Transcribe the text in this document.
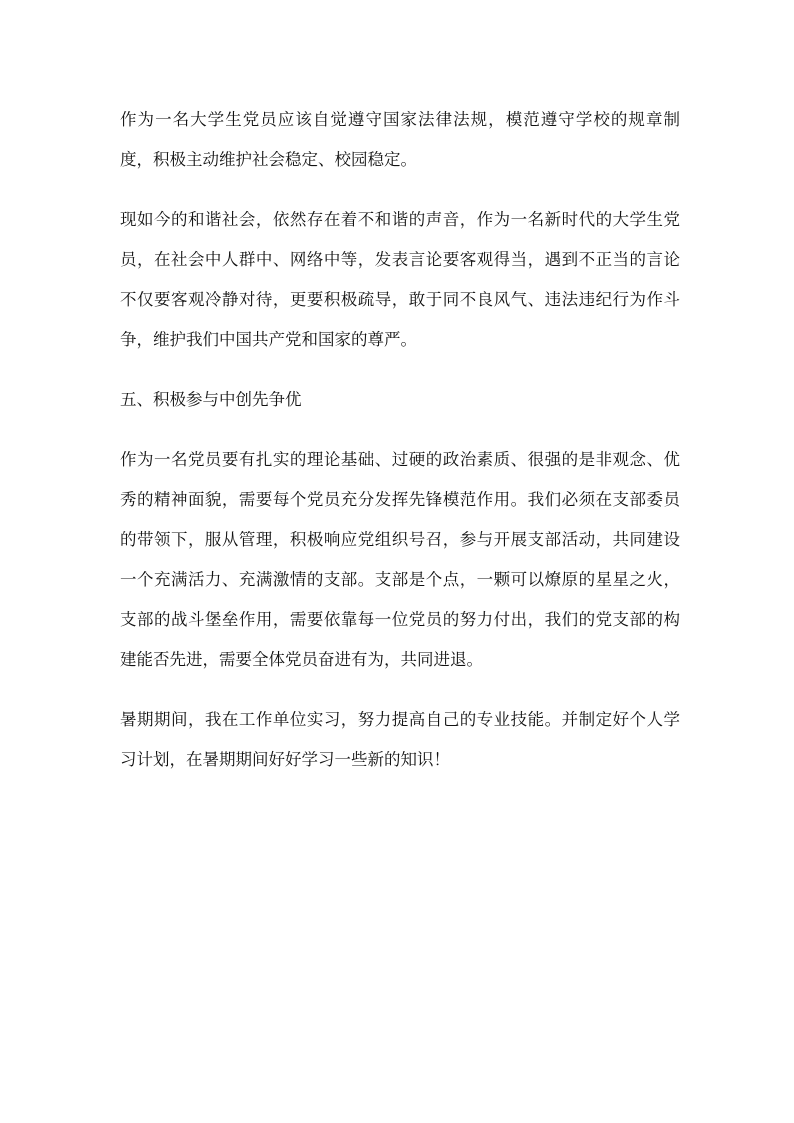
作为一名大学生党员应该自觉遵守国家法律法规，模范遵守学校的规章制度，积极主动维护社会稳定、校园稳定。

现如今的和谐社会，依然存在着不和谐的声音，作为一名新时代的大学生党员，在社会中人群中、网络中等，发表言论要客观得当，遇到不正当的言论不仅要客观冷静对待，更要积极疏导，敢于同不良风气、违法违纪行为作斗争，维护我们中国共产党和国家的尊严。

五、积极参与中创先争优

作为一名党员要有扎实的理论基础、过硬的政治素质、很强的是非观念、优秀的精神面貌，需要每个党员充分发挥先锋模范作用。我们必须在支部委员的带领下，服从管理，积极响应党组织号召，参与开展支部活动，共同建设一个充满活力、充满激情的支部。支部是个点，一颗可以燎原的星星之火，支部的战斗堡垒作用，需要依靠每一位党员的努力付出，我们的党支部的构建能否先进，需要全体党员奋进有为，共同进退。

暑期期间，我在工作单位实习，努力提高自己的专业技能。并制定好个人学习计划，在暑期期间好好学习一些新的知识！
